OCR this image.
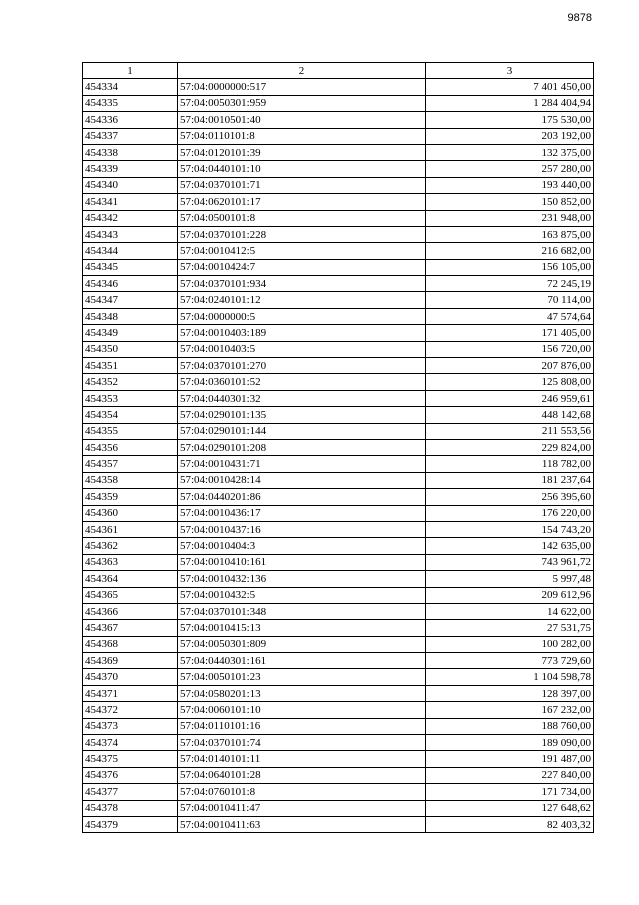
9878
1	2	3
454334	57:04:0000000:517	7 401 450,00
454335	57:04:0050301:959	1 284 404,94
454336	57:04:0010501:40	175 530,00
454337	57:04:0110101:8	203 192,00
454338	57:04:0120101:39	132 375,00
454339	57:04:0440101:10	257 280,00
454340	57:04:0370101:71	193 440,00
454341	57:04:0620101:17	150 852,00
454342	57:04:0500101:8	231 948,00
454343	57:04:0370101:228	163 875,00
454344	57:04:0010412:5	216 682,00
454345	57:04:0010424:7	156 105,00
454346	57:04:0370101:934	72 245,19
454347	57:04:0240101:12	70 114,00
454348	57:04:0000000:5	47 574,64
454349	57:04:0010403:189	171 405,00
454350	57:04:0010403:5	156 720,00
454351	57:04:0370101:270	207 876,00
454352	57:04:0360101:52	125 808,00
454353	57:04:0440301:32	246 959,61
454354	57:04:0290101:135	448 142,68
454355	57:04:0290101:144	211 553,56
454356	57:04:0290101:208	229 824,00
454357	57:04:0010431:71	118 782,00
454358	57:04:0010428:14	181 237,64
454359	57:04:0440201:86	256 395,60
454360	57:04:0010436:17	176 220,00
454361	57:04:0010437:16	154 743,20
454362	57:04:0010404:3	142 635,00
454363	57:04:0010410:161	743 961,72
454364	57:04:0010432:136	5 997,48
454365	57:04:0010432:5	209 612,96
454366	57:04:0370101:348	14 622,00
454367	57:04:0010415:13	27 531,75
454368	57:04:0050301:809	100 282,00
454369	57:04:0440301:161	773 729,60
454370	57:04:0050101:23	1 104 598,78
454371	57:04:0580201:13	128 397,00
454372	57:04:0060101:10	167 232,00
454373	57:04:0110101:16	188 760,00
454374	57:04:0370101:74	189 090,00
454375	57:04:0140101:11	191 487,00
454376	57:04:0640101:28	227 840,00
454377	57:04:0760101:8	171 734,00
454378	57:04:0010411:47	127 648,62
454379	57:04:0010411:63	82 403,32
